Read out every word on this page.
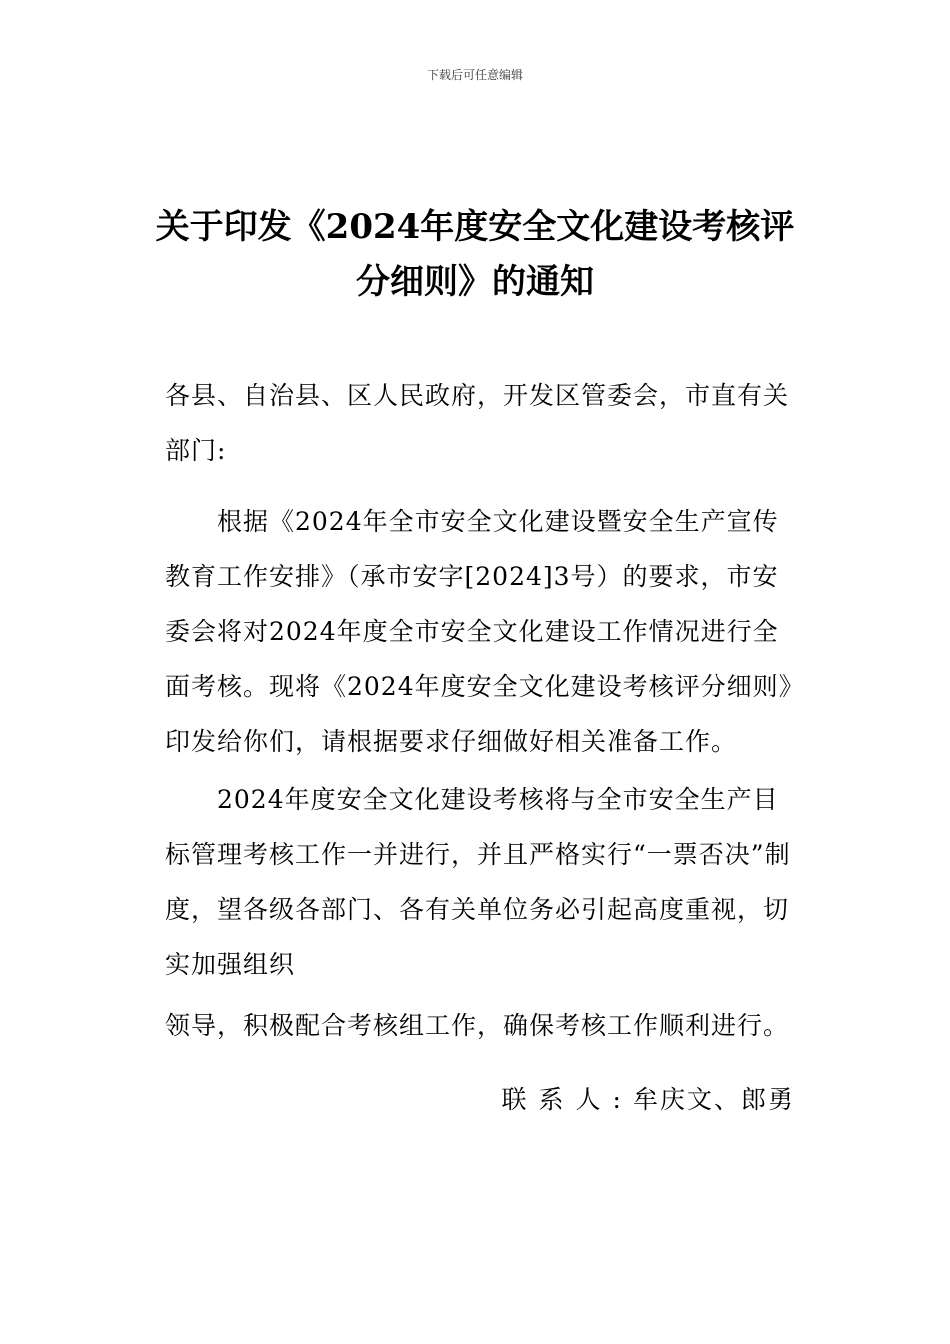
下载后可任意编辑
关于印发《2024年度安全文化建设考核评分细则》的通知
各县、自治县、区人民政府，开发区管委会，市直有关部门:
根据《2024年全市安全文化建设暨安全生产宣传教育工作安排》（承市安字[2024]3号）的要求，市安委会将对2024年度全市安全文化建设工作情况进行全面考核。现将《2024年度安全文化建设考核评分细则》印发给你们，请根据要求仔细做好相关准备工作。
2024年度安全文化建设考核将与全市安全生产目标管理考核工作一并进行，并且严格实行“一票否决”制度，望各级各部门、各有关单位务必引起高度重视，切实加强组织
领导，积极配合考核组工作，确保考核工作顺利进行。
联系人:牟庆文、郎勇
